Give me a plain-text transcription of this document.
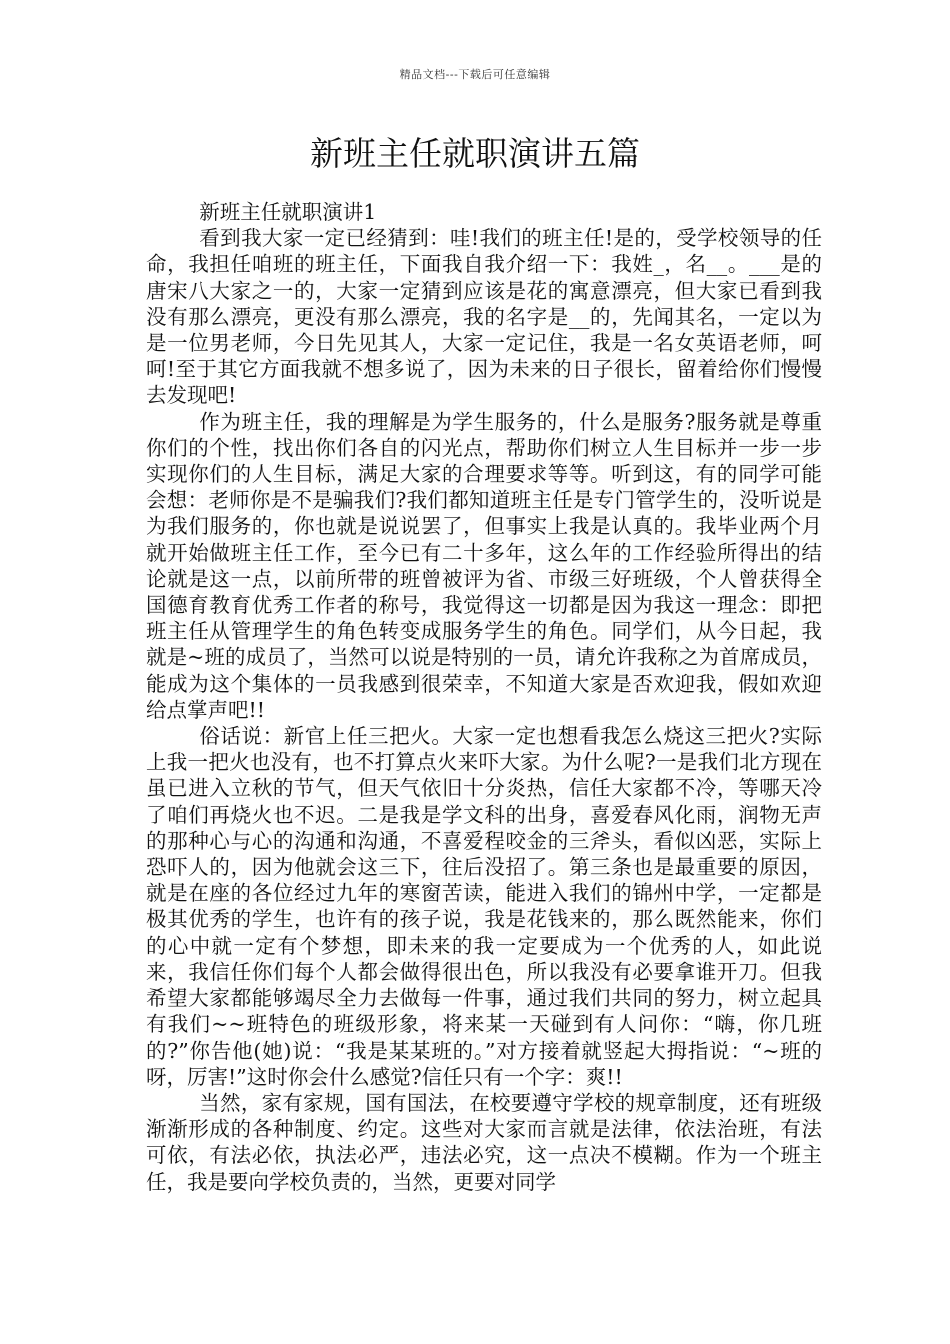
精品文档---下载后可任意编辑
新班主任就职演讲五篇

新班主任就职演讲1

看到我大家一定已经猜到：哇!我们的班主任!是的，受学校领导的任命，我担任咱班的班主任，下面我自我介绍一下：我姓_，名__。___是的唐宋八大家之一的，大家一定猜到应该是花的寓意漂亮，但大家已看到我没有那么漂亮，更没有那么漂亮，我的名字是__的，先闻其名，一定以为是一位男老师，今日先见其人，大家一定记住，我是一名女英语老师，呵呵!至于其它方面我就不想多说了，因为未来的日子很长，留着给你们慢慢去发现吧!

作为班主任，我的理解是为学生服务的，什么是服务?服务就是尊重你们的个性，找出你们各自的闪光点，帮助你们树立人生目标并一步一步实现你们的人生目标，满足大家的合理要求等等。听到这，有的同学可能会想：老师你是不是骗我们?我们都知道班主任是专门管学生的，没听说是为我们服务的，你也就是说说罢了，但事实上我是认真的。我毕业两个月就开始做班主任工作，至今已有二十多年，这么年的工作经验所得出的结论就是这一点，以前所带的班曾被评为省、市级三好班级，个人曾获得全国德育教育优秀工作者的称号，我觉得这一切都是因为我这一理念：即把班主任从管理学生的角色转变成服务学生的角色。同学们，从今日起，我就是~班的成员了，当然可以说是特别的一员，请允许我称之为首席成员，能成为这个集体的一员我感到很荣幸，不知道大家是否欢迎我，假如欢迎给点掌声吧!!

俗话说：新官上任三把火。大家一定也想看我怎么烧这三把火?实际上我一把火也没有，也不打算点火来吓大家。为什么呢?一是我们北方现在虽已进入立秋的节气，但天气依旧十分炎热，信任大家都不冷，等哪天冷了咱们再烧火也不迟。二是我是学文科的出身，喜爱春风化雨，润物无声的那种心与心的沟通和沟通，不喜爱程咬金的三斧头，看似凶恶，实际上恐吓人的，因为他就会这三下，往后没招了。第三条也是最重要的原因，就是在座的各位经过九年的寒窗苦读，能进入我们的锦州中学，一定都是极其优秀的学生，也许有的孩子说，我是花钱来的，那么既然能来，你们的心中就一定有个梦想，即未来的我一定要成为一个优秀的人，如此说来，我信任你们每个人都会做得很出色，所以我没有必要拿谁开刀。但我希望大家都能够竭尽全力去做每一件事，通过我们共同的努力，树立起具有我们~~班特色的班级形象，将来某一天碰到有人问你：“嗨，你几班的?”你告他(她)说：“我是某某班的。”对方接着就竖起大拇指说：“~班的呀，厉害!”这时你会什么感觉?信任只有一个字：爽!!

当然，家有家规，国有国法，在校要遵守学校的规章制度，还有班级渐渐形成的各种制度、约定。这些对大家而言就是法律，依法治班，有法可依，有法必依，执法必严，违法必究，这一点决不模糊。作为一个班主任，我是要向学校负责的，当然，更要对同学
